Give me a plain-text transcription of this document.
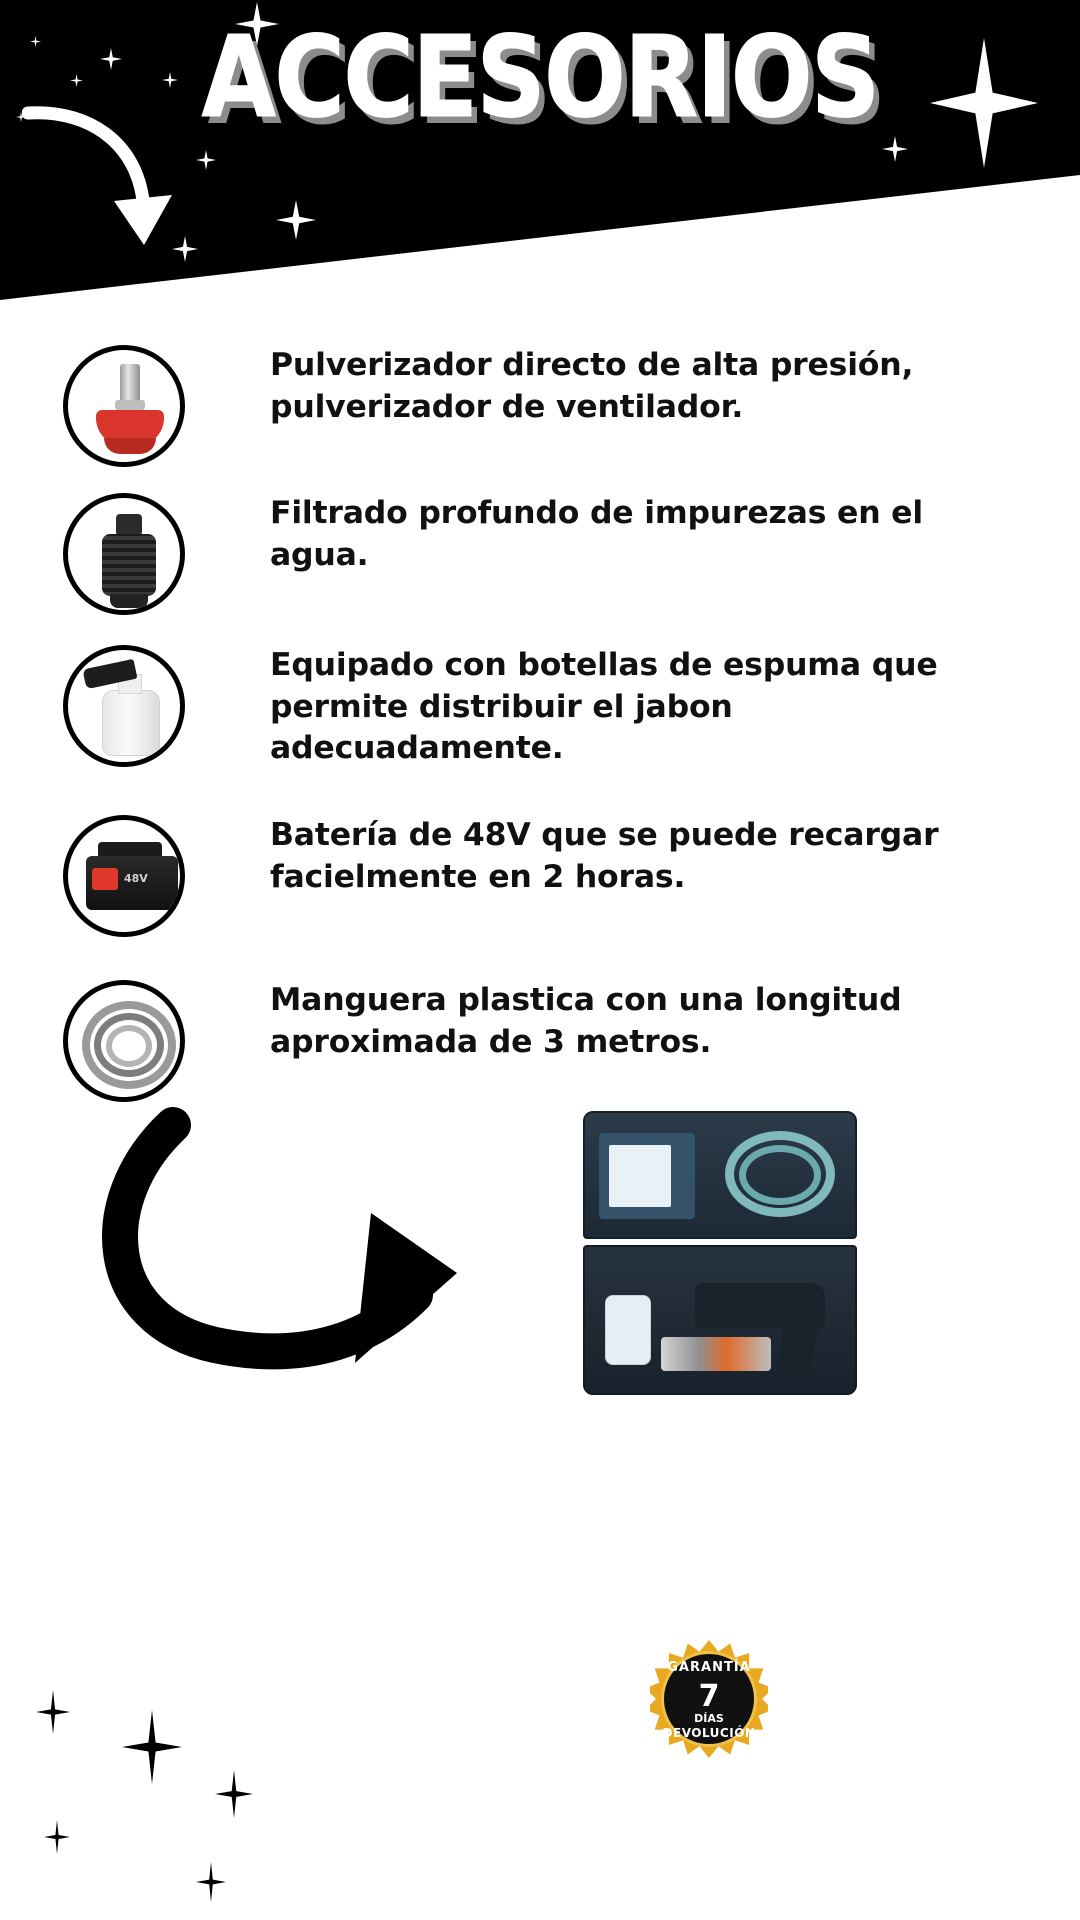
ACCESORIOS
Pulverizador directo de alta presión, pulverizador de ventilador.
Filtrado profundo de impurezas en el agua.
Equipado con botellas de espuma que permite distribuir el jabon adecuadamente.
48V
Batería de 48V que se puede recargar facielmente en 2 horas.
Manguera plastica con una longitud aproximada de 3 metros.
GARANTÍA
7
DÍAS
DEVOLUCIÓN
